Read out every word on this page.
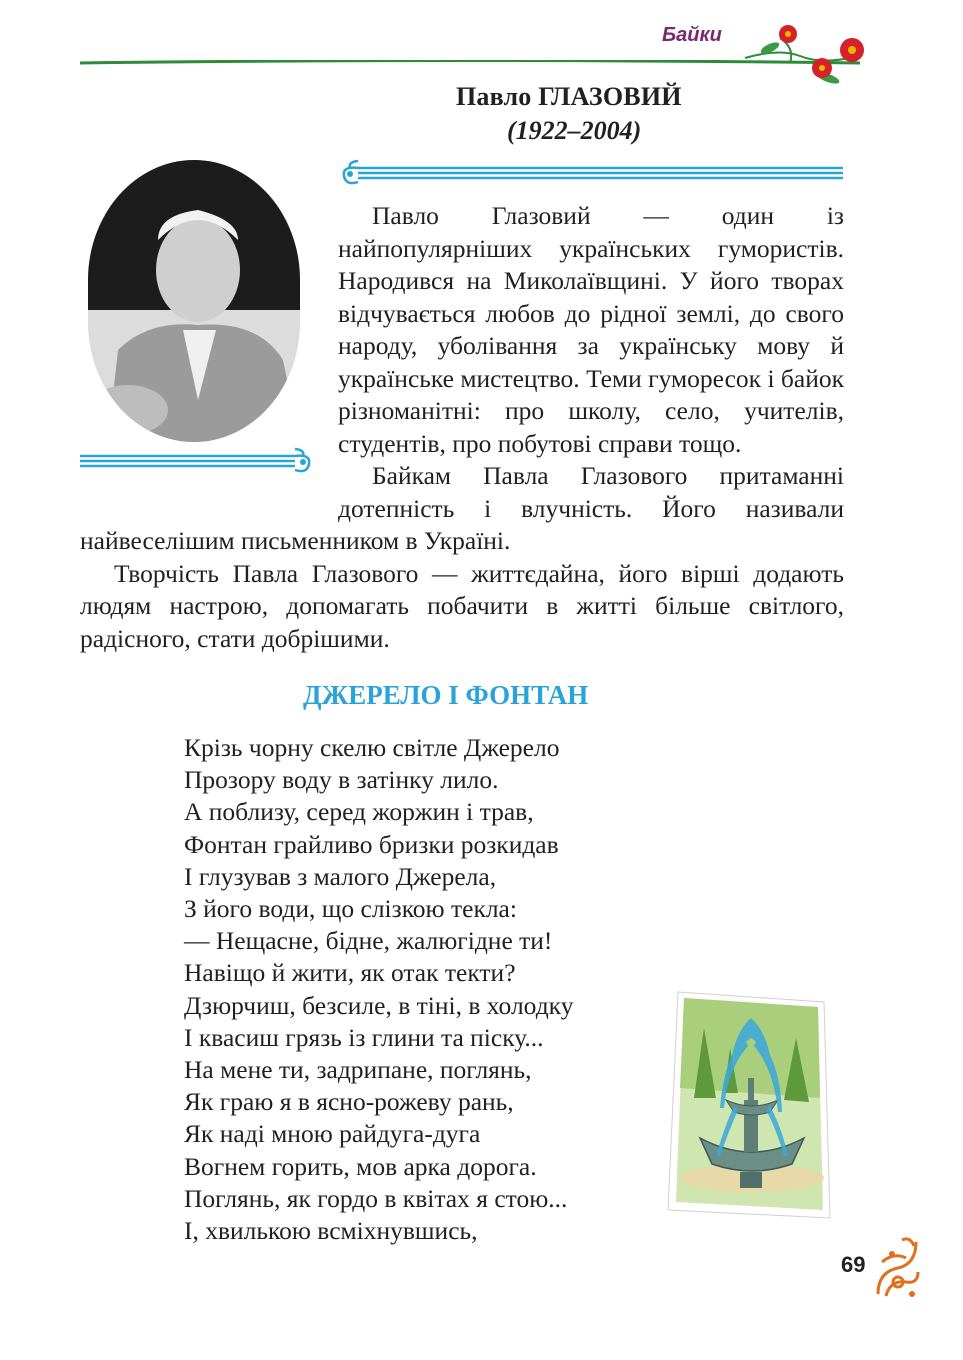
Байки
Павло ГЛАЗОВИЙ
(1922–2004)

Павло Глазовий — один із найпопулярніших українських гумористів. Народився на Миколаївщині. У його творах відчувається любов до рідної землі, до свого народу, уболівання за українську мову й українське мистецтво. Теми гуморесок і байок різноманітні: про школу, село, учителів, студентів, про побутові справи тощо.

Байкам Павла Глазового притаманні дотепність і влучність. Його називали найвеселішим письменником в Україні.

Творчість Павла Глазового — життєдайна, його вірші додають людям настрою, допомагать побачити в житті більше світлого, радісного, стати добрішими.

ДЖЕРЕЛО І ФОНТАН
Крізь чорну скелю світле Джерело
Прозору воду в затінку лило.
А поблизу, серед жоржин і трав,
Фонтан грайливо бризки розкидав
І глузував з малого Джерела,
З його води, що слізкою текла:
— Нещасне, бідне, жалюгідне ти!
Навіщо й жити, як отак текти?
Дзюрчиш, безсиле, в тіні, в холодку
І квасиш грязь із глини та піску...
На мене ти, задрипане, поглянь,
Як граю я в ясно-рожеву рань,
Як наді мною райдуга-дуга
Вогнем горить, мов арка дорога.
Поглянь, як гордо в квітах я стою...
І, хвилькою всміхнувшись,
69
